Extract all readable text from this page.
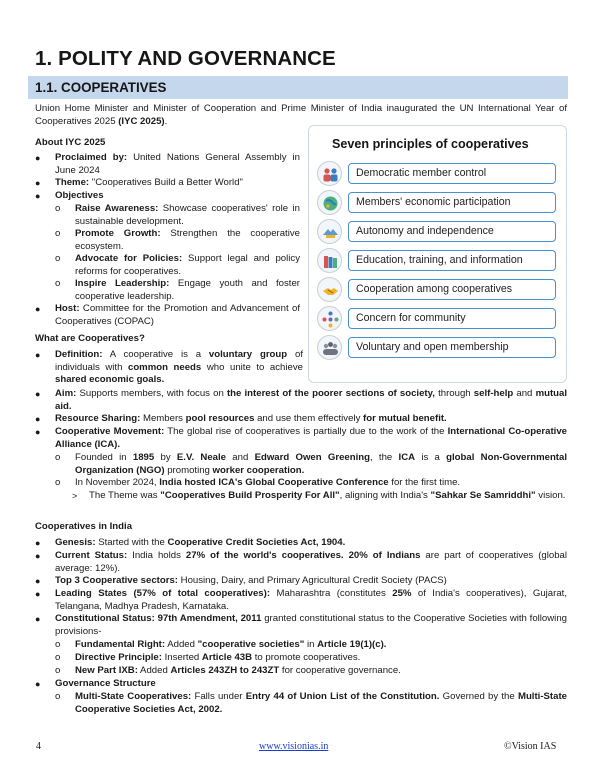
1. POLITY AND GOVERNANCE
1.1. COOPERATIVES
Union Home Minister and Minister of Cooperation and Prime Minister of India inaugurated the UN International Year of Cooperatives 2025 (IYC 2025).
About IYC 2025
●	Proclaimed by: United Nations General Assembly in June 2024
●	Theme: "Cooperatives Build a Better World"
●	Objectives
o	Raise Awareness: Showcase cooperatives' role in sustainable development.
o	Promote Growth: Strengthen the cooperative ecosystem.
o	Advocate for Policies: Support legal and policy reforms for cooperatives.
o	Inspire Leadership: Engage youth and foster cooperative leadership.
●	Host: Committee for the Promotion and Advancement of Cooperatives (COPAC)
Seven principles of cooperatives
Democratic member control
Members' economic participation
Autonomy and independence
Education, training, and information
Cooperation among cooperatives
Concern for community
Voluntary and open membership
What are Cooperatives?
●	Definition: A cooperative is a voluntary group of individuals with common needs who unite to achieve shared economic goals.
●	Aim: Supports members, with focus on the interest of the poorer sections of society, through self-help and mutual aid.
●	Resource Sharing: Members pool resources and use them effectively for mutual benefit.
●	Cooperative Movement: The global rise of cooperatives is partially due to the work of the International Co-operative Alliance (ICA).
o	Founded in 1895 by E.V. Neale and Edward Owen Greening, the ICA is a global Non-Governmental Organization (NGO) promoting worker cooperation.
o	In November 2024, India hosted ICA's Global Cooperative Conference for the first time.
>	The Theme was "Cooperatives Build Prosperity For All", aligning with India's "Sahkar Se Samriddhi" vision.
Cooperatives in India
●	Genesis: Started with the Cooperative Credit Societies Act, 1904.
●	Current Status: India holds 27% of the world's cooperatives. 20% of Indians are part of cooperatives (global average: 12%).
●	Top 3 Cooperative sectors: Housing, Dairy, and Primary Agricultural Credit Society (PACS)
●	Leading States (57% of total cooperatives): Maharashtra (constitutes 25% of India's cooperatives), Gujarat, Telangana, Madhya Pradesh, Karnataka.
●	Constitutional Status: 97th Amendment, 2011 granted constitutional status to the Cooperative Societies with following provisions-
o	Fundamental Right: Added "cooperative societies" in Article 19(1)(c).
o	Directive Principle: Inserted Article 43B to promote cooperatives.
o	New Part IXB: Added Articles 243ZH to 243ZT for cooperative governance.
●	Governance Structure
o	Multi-State Cooperatives: Falls under Entry 44 of Union List of the Constitution. Governed by the Multi-State Cooperative Societies Act, 2002.
4	www.visionias.in	©Vision IAS
